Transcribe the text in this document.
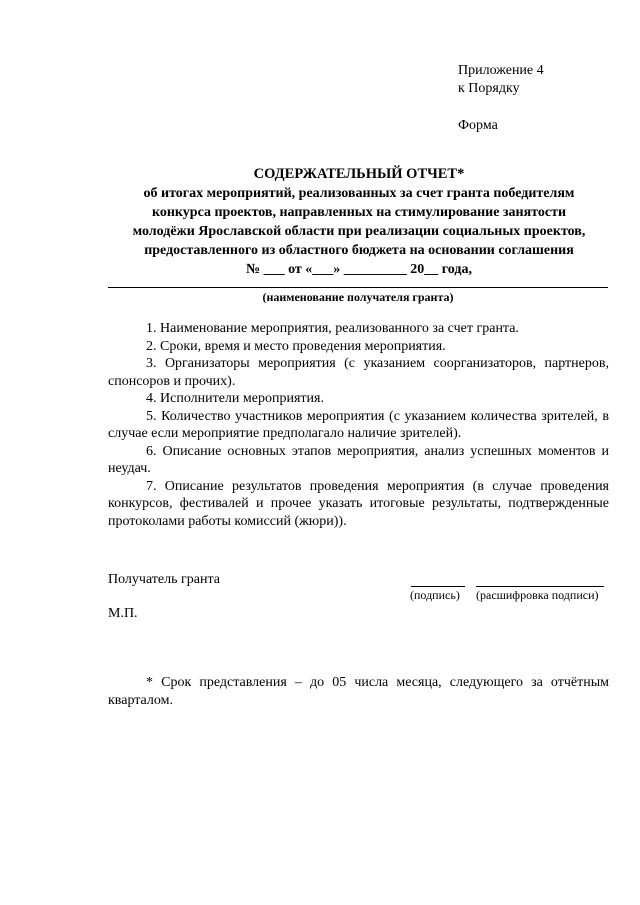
Приложение 4
к Порядку
Форма
СОДЕРЖАТЕЛЬНЫЙ ОТЧЕТ*
об итогах мероприятий, реализованных за счет гранта победителям
конкурса проектов, направленных на стимулирование занятости
молодёжи Ярославской области при реализации социальных проектов,
предоставленного из областного бюджета на основании соглашения
№ ___ от «___» _________ 20__ года,
(наименование получателя гранта)

1. Наименование мероприятия, реализованного за счет гранта.

2. Сроки, время и место проведения мероприятия.

3. Организаторы мероприятия (с указанием соорганизаторов, партнеров, спонсоров и прочих).

4. Исполнители мероприятия.

5. Количество участников мероприятия (с указанием количества зрителей, в случае если мероприятие предполагало наличие зрителей).

6. Описание основных этапов мероприятия, анализ успешных моментов и неудач.

7. Описание результатов проведения мероприятия (в случае проведения конкурсов, фестивалей и прочее указать итоговые результаты, подтвержденные протоколами работы комиссий (жюри)).

Получатель гранта
(подпись) (расшифровка подписи)
М.П.

* Срок представления – до 05 числа месяца, следующего за отчётным кварталом.
